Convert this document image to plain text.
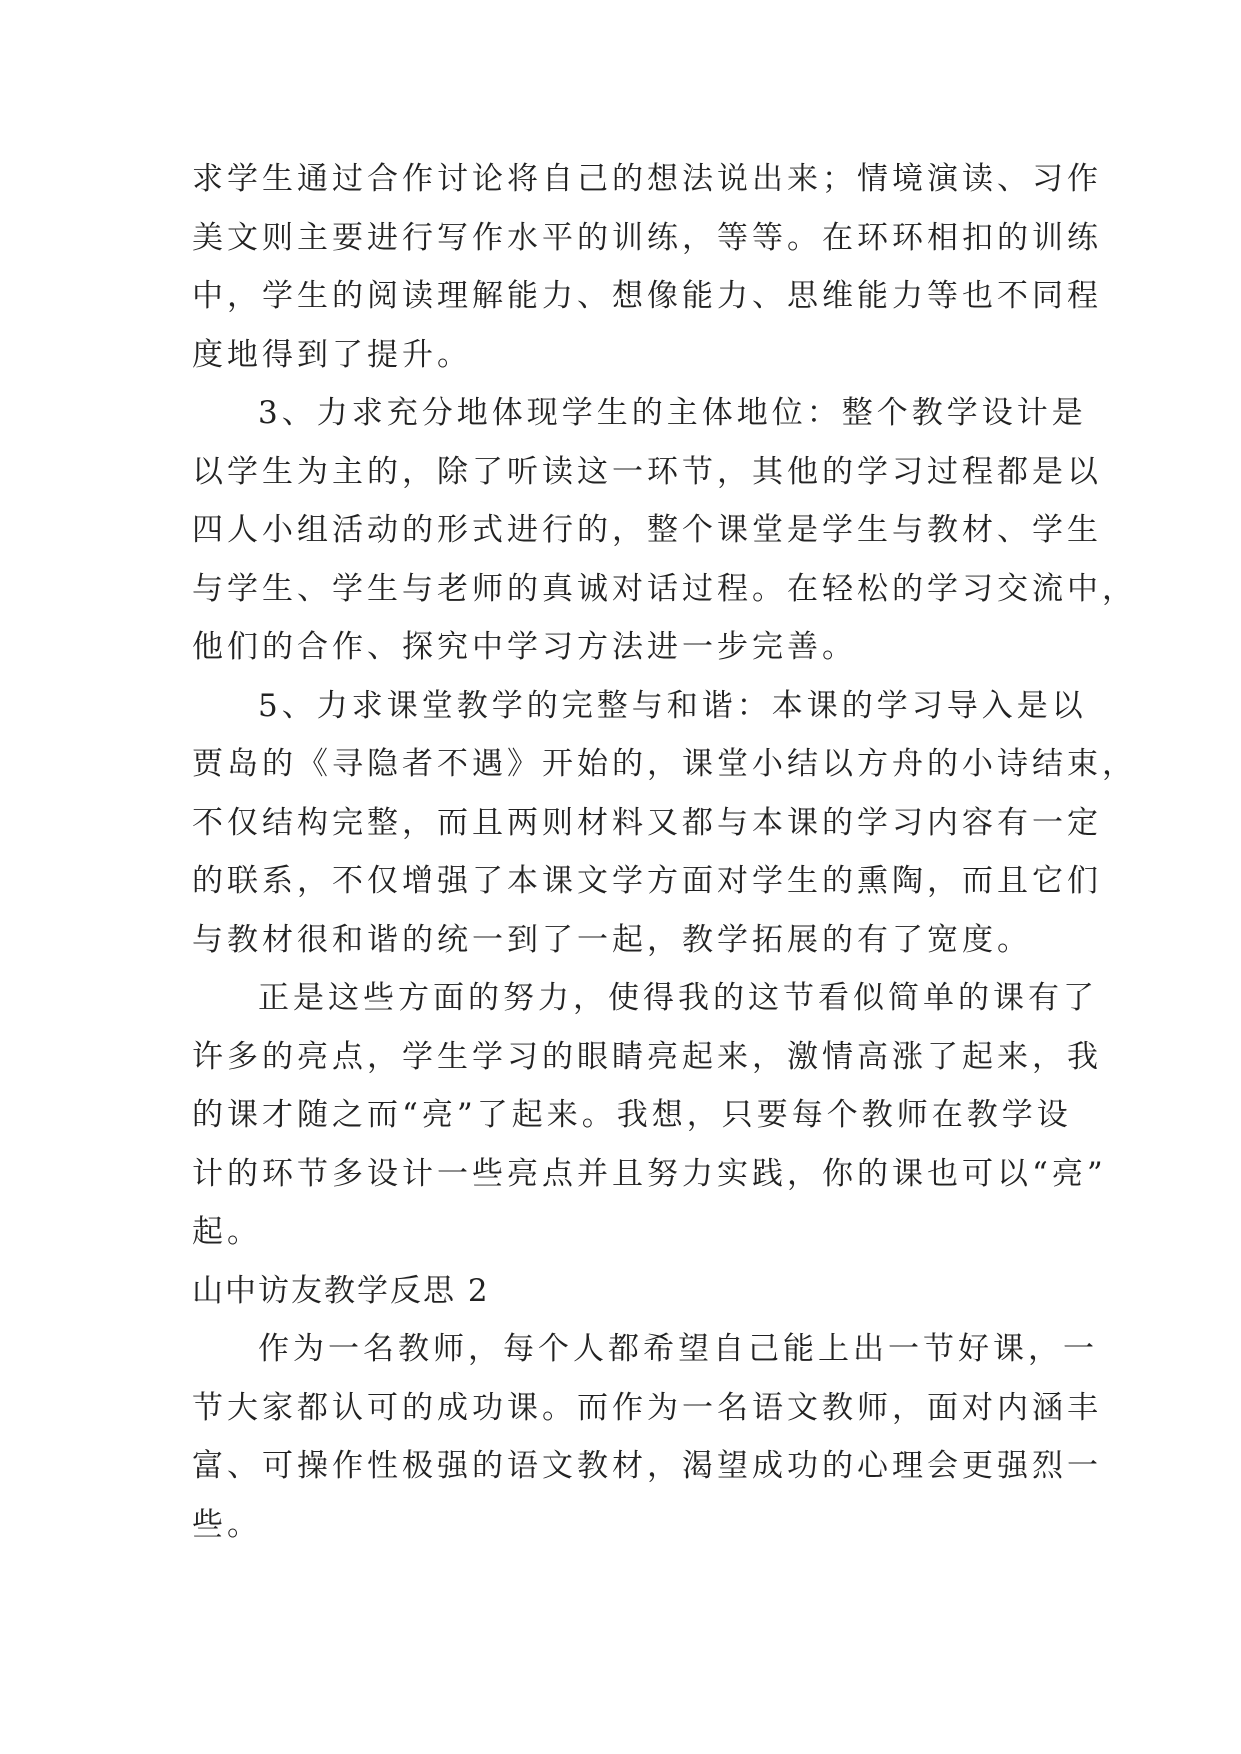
求学生通过合作讨论将自己的想法说出来；情境演读、习作
美文则主要进行写作水平的训练，等等。在环环相扣的训练
中，学生的阅读理解能力、想像能力、思维能力等也不同程
度地得到了提升。
3、力求充分地体现学生的主体地位：整个教学设计是
以学生为主的，除了听读这一环节，其他的学习过程都是以
四人小组活动的形式进行的，整个课堂是学生与教材、学生
与学生、学生与老师的真诚对话过程。在轻松的学习交流中，
他们的合作、探究中学习方法进一步完善。
5、力求课堂教学的完整与和谐：本课的学习导入是以
贾岛的《寻隐者不遇》开始的，课堂小结以方舟的小诗结束，
不仅结构完整，而且两则材料又都与本课的学习内容有一定
的联系，不仅增强了本课文学方面对学生的熏陶，而且它们
与教材很和谐的统一到了一起，教学拓展的有了宽度。
正是这些方面的努力，使得我的这节看似简单的课有了
许多的亮点，学生学习的眼睛亮起来，激情高涨了起来，我
的课才随之而“亮”了起来。我想，只要每个教师在教学设
计的环节多设计一些亮点并且努力实践，你的课也可以“亮”
起。
山中访友教学反思 2
作为一名教师，每个人都希望自己能上出一节好课，一
节大家都认可的成功课。而作为一名语文教师，面对内涵丰
富、可操作性极强的语文教材，渴望成功的心理会更强烈一
些。
